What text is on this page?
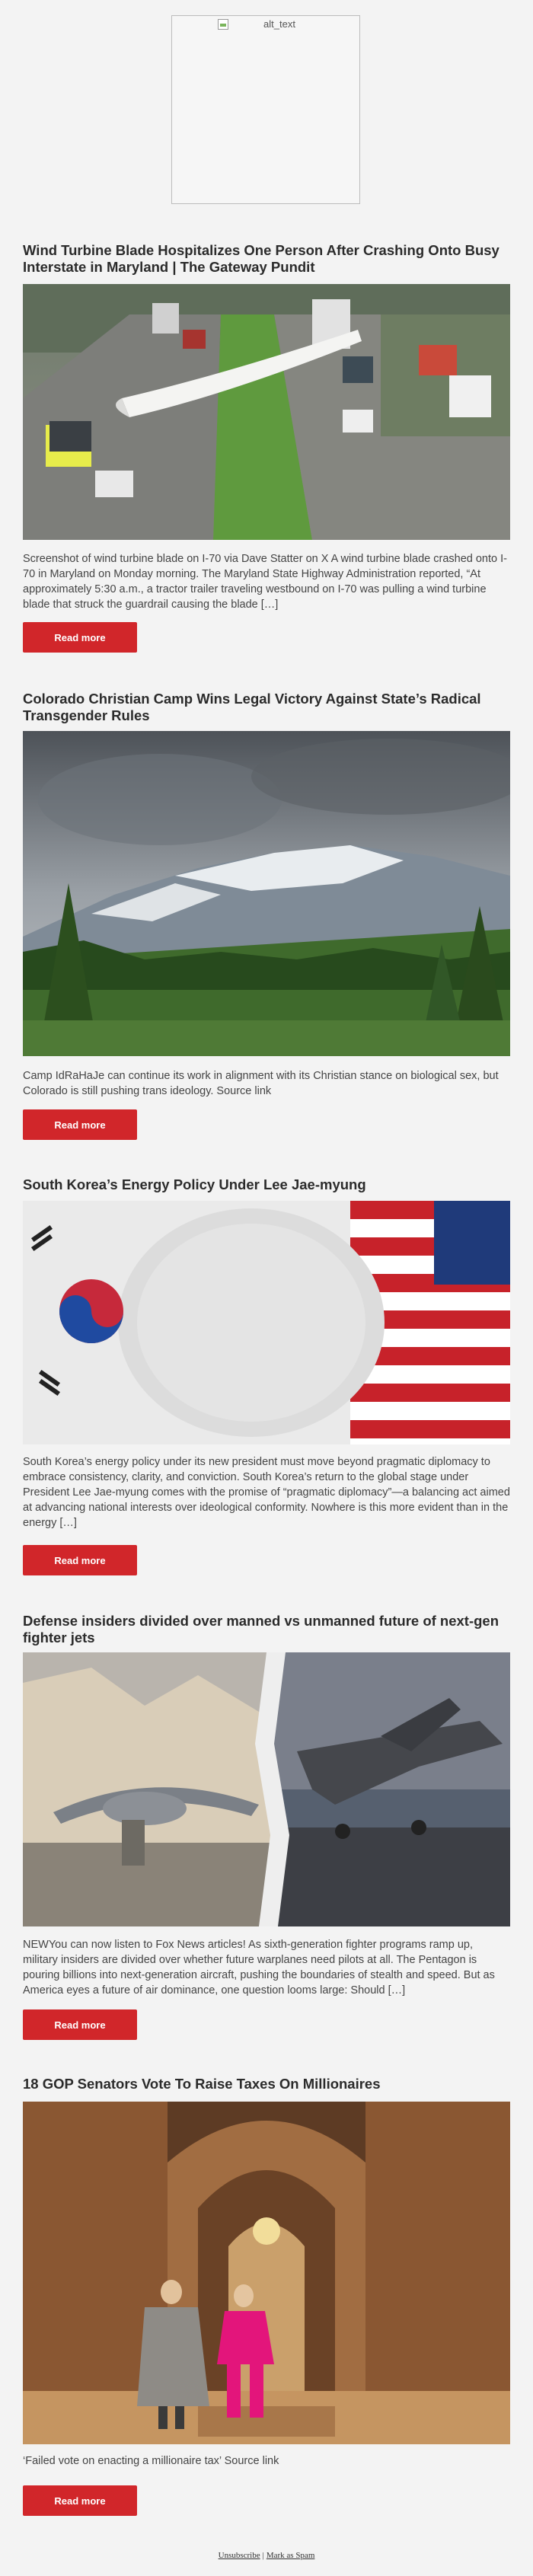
alt_text
Wind Turbine Blade Hospitalizes One Person After Crashing Onto Busy Interstate in Maryland | The Gateway Pundit

Screenshot of wind turbine blade on I-70 via Dave Statter on X A wind turbine blade crashed onto I-70 in Maryland on Monday morning. The Maryland State Highway Administration reported, “At approximately 5:30 a.m., a tractor trailer traveling westbound on I-70 was pulling a wind turbine blade that struck the guardrail causing the blade […]

Read more
Colorado Christian Camp Wins Legal Victory Against State’s Radical Transgender Rules

Camp IdRaHaJe can continue its work in alignment with its Christian stance on biological sex, but Colorado is still pushing trans ideology. Source link

Read more
South Korea’s Energy Policy Under Lee Jae-myung

South Korea’s energy policy under its new president must move beyond pragmatic diplomacy to embrace consistency, clarity, and conviction. South Korea’s return to the global stage under President Lee Jae-myung comes with the promise of “pragmatic diplomacy”—a balancing act aimed at advancing national interests over ideological conformity. Nowhere is this more evident than in the energy […]

Read more
Defense insiders divided over manned vs unmanned future of next-gen fighter jets

NEWYou can now listen to Fox News articles! As sixth-generation fighter programs ramp up, military insiders are divided over whether future warplanes need pilots at all. The Pentagon is pouring billions into next-generation aircraft, pushing the boundaries of stealth and speed. But as America eyes a future of air dominance, one question looms large: Should […]

Read more
18 GOP Senators Vote To Raise Taxes On Millionaires

‘Failed vote on enacting a millionaire tax’ Source link

Read more
Unsubscribe | Mark as Spam
